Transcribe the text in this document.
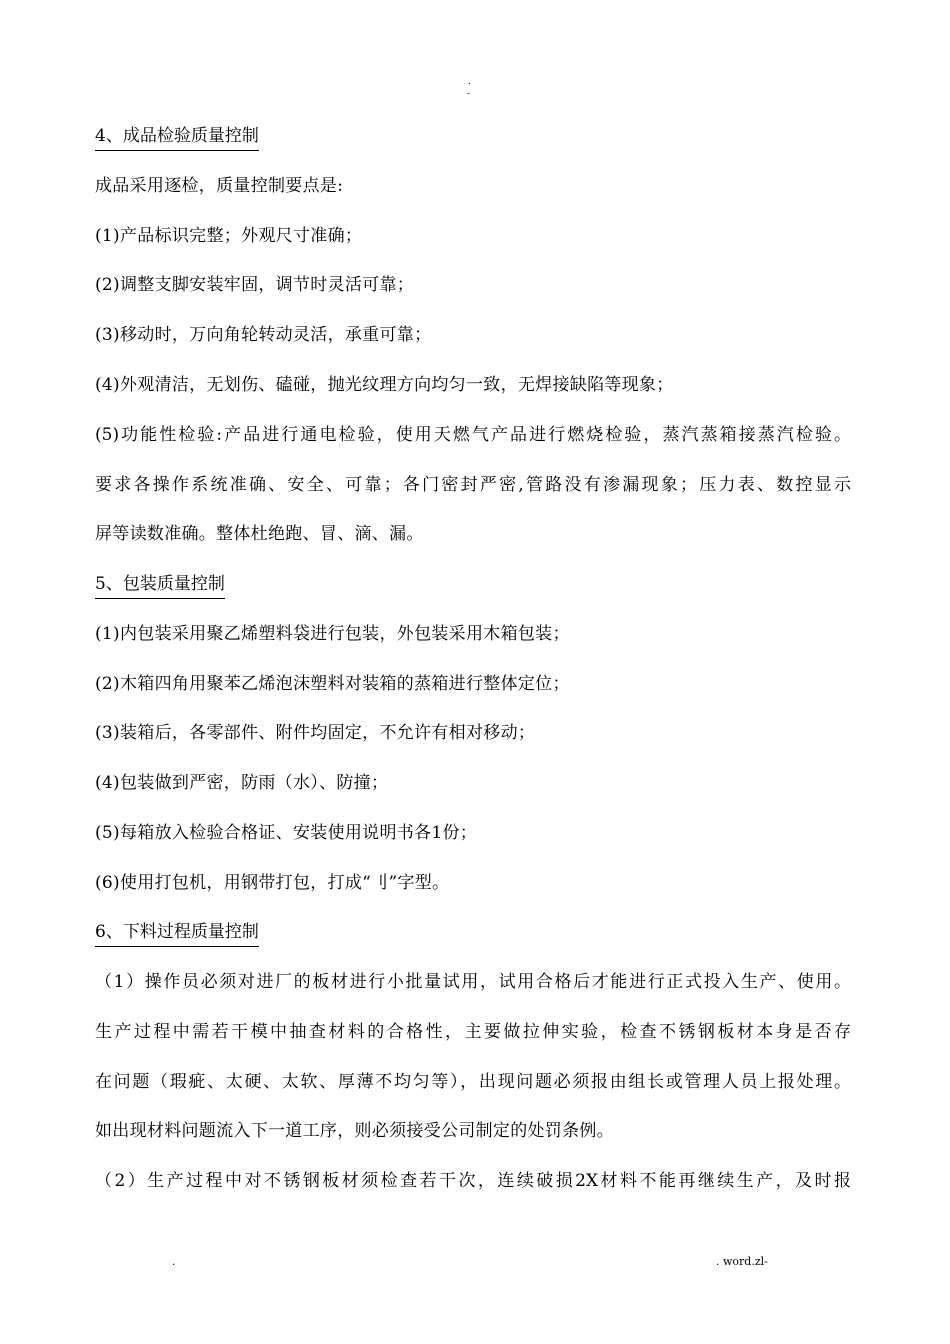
.
-
4、成品检验质量控制
成品采用逐检，质量控制要点是:
(1)产品标识完整；外观尺寸准确；
(2)调整支脚安装牢固，调节时灵活可靠；
(3)移动时，万向角轮转动灵活，承重可靠；
(4)外观清洁，无划伤、磕碰，抛光纹理方向均匀一致，无焊接缺陷等现象；
(5)功能性检验:产品进行通电检验，使用天燃气产品进行燃烧检验，蒸汽蒸箱接蒸汽检验。
要求各操作系统准确、安全、可靠；各门密封严密,管路没有渗漏现象；压力表、数控显示
屏等读数准确。整体杜绝跑、冒、滴、漏。
5、包装质量控制
(1)内包装采用聚乙烯塑料袋进行包装，外包装采用木箱包装；
(2)木箱四角用聚苯乙烯泡沫塑料对装箱的蒸箱进行整体定位；
(3)装箱后，各零部件、附件均固定，不允许有相对移动；
(4)包装做到严密，防雨（水）、防撞；
(5)每箱放入检验合格证、安装使用说明书各1份；
(6)使用打包机，用钢带打包，打成“刂”字型。
6、下料过程质量控制
（1）操作员必须对进厂的板材进行小批量试用，试用合格后才能进行正式投入生产、使用。
生产过程中需若干模中抽查材料的合格性，主要做拉伸实验，检查不锈钢板材本身是否存
在问题（瑕疵、太硬、太软、厚薄不均匀等），出现问题必须报由组长或管理人员上报处理。
如出现材料问题流入下一道工序，则必须接受公司制定的处罚条例。
（2）生产过程中对不锈钢板材须检查若干次，连续破损2X材料不能再继续生产，及时报
.	. word.zl-
